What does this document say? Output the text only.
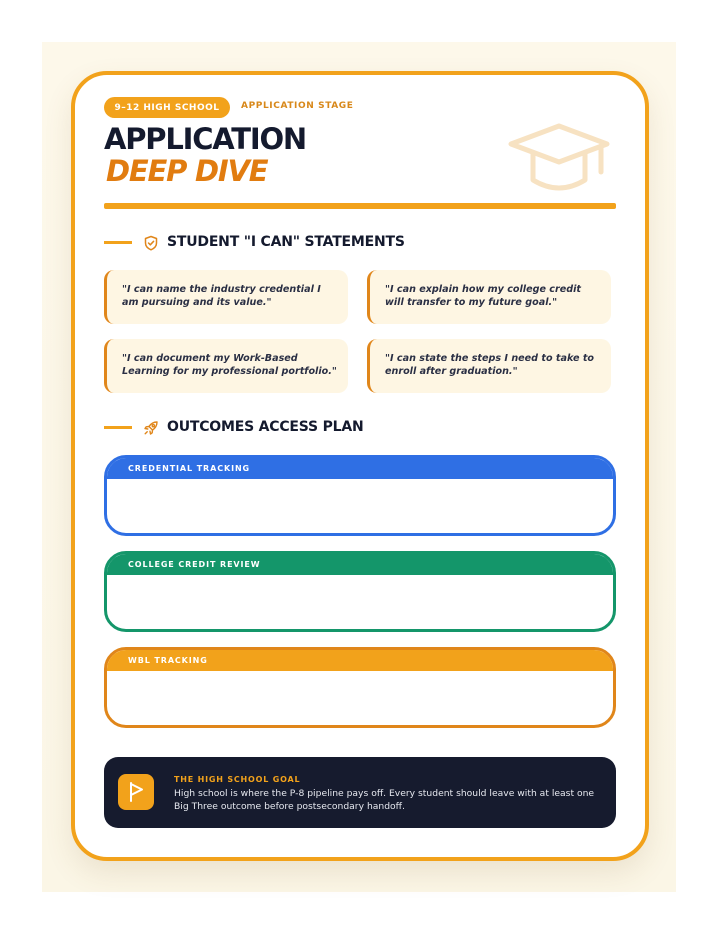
9–12 HIGH SCHOOL	APPLICATION STAGE
APPLICATION
DEEP DIVE
STUDENT "I CAN" STATEMENTS
"I can name the industry credential I am pursuing and its value."
"I can explain how my college credit will transfer to my future goal."
"I can document my Work-Based Learning for my professional portfolio."
"I can state the steps I need to take to enroll after graduation."
OUTCOMES ACCESS PLAN
CREDENTIAL TRACKING
COLLEGE CREDIT REVIEW
WBL TRACKING
THE HIGH SCHOOL GOAL
High school is where the P-8 pipeline pays off. Every student should leave with at least one Big Three outcome before postsecondary handoff.
